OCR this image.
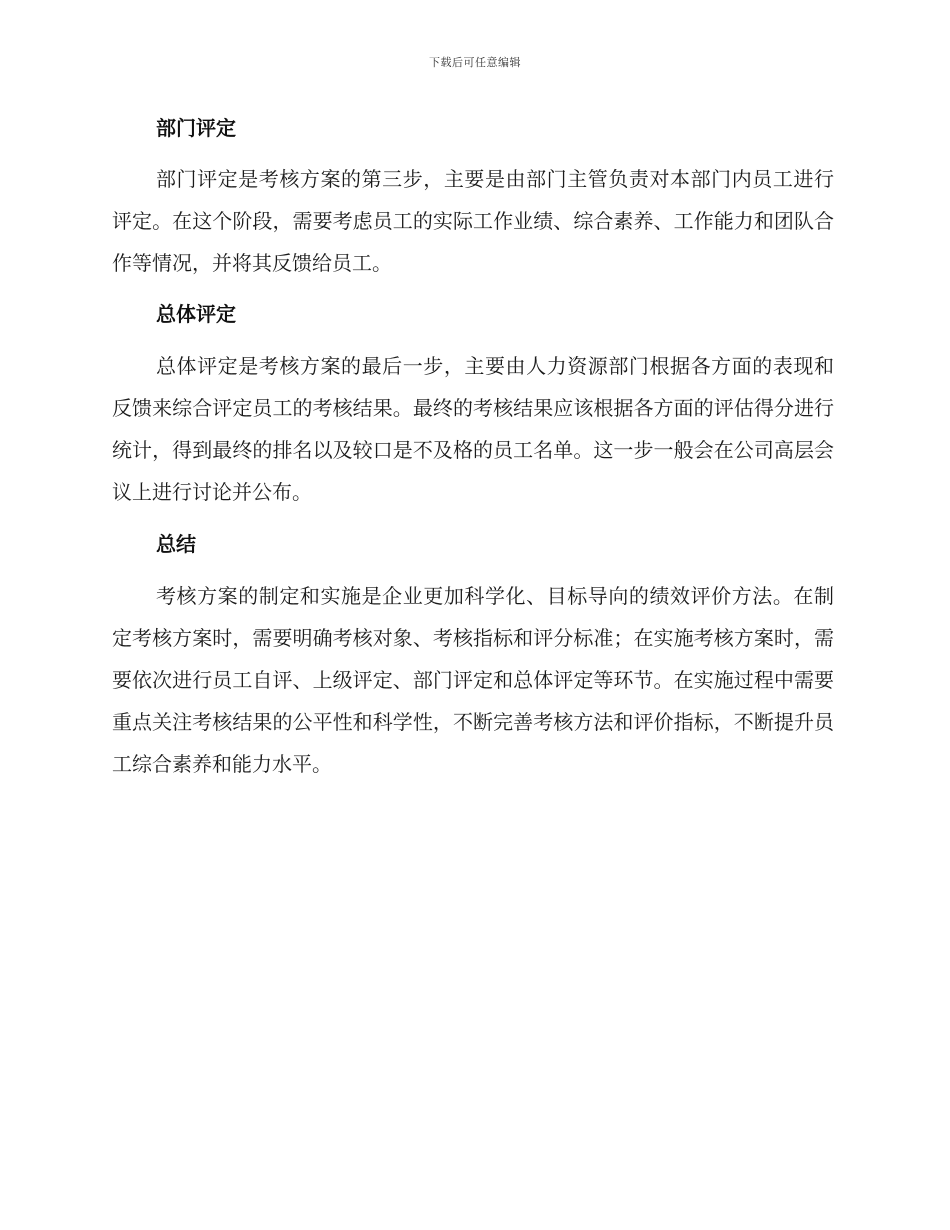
下载后可任意编辑
部门评定

部门评定是考核方案的第三步，主要是由部门主管负责对本部门内员工进行评定。在这个阶段，需要考虑员工的实际工作业绩、综合素养、工作能力和团队合作等情况，并将其反馈给员工。

总体评定

总体评定是考核方案的最后一步，主要由人力资源部门根据各方面的表现和反馈来综合评定员工的考核结果。最终的考核结果应该根据各方面的评估得分进行统计，得到最终的排名以及较口是不及格的员工名单。这一步一般会在公司高层会议上进行讨论并公布。

总结

考核方案的制定和实施是企业更加科学化、目标导向的绩效评价方法。在制定考核方案时，需要明确考核对象、考核指标和评分标准；在实施考核方案时，需要依次进行员工自评、上级评定、部门评定和总体评定等环节。在实施过程中需要重点关注考核结果的公平性和科学性，不断完善考核方法和评价指标，不断提升员工综合素养和能力水平。
